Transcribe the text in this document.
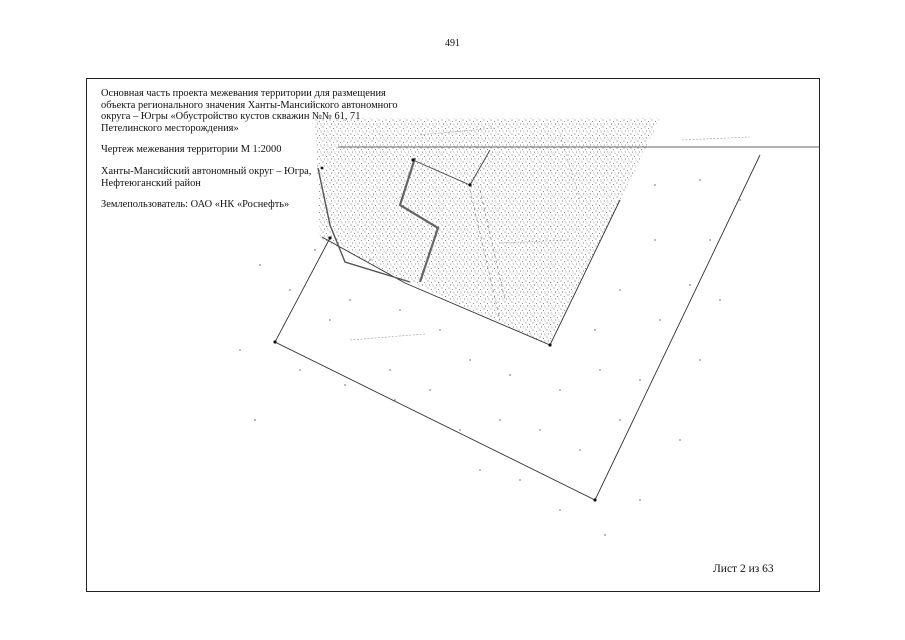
491

Основная часть проекта межевания территории для размещения
объекта регионального значения Ханты-Мансийского автономного
округа – Югры «Обустройство кустов скважин №№ 61, 71
Петелинского месторождения»

Чертеж межевания территории М 1:2000

Ханты-Мансийский автономный округ – Югра,
Нефтеюганский район

Землепользователь: ОАО «НК «Роснефть»

Лист 2 из 63
